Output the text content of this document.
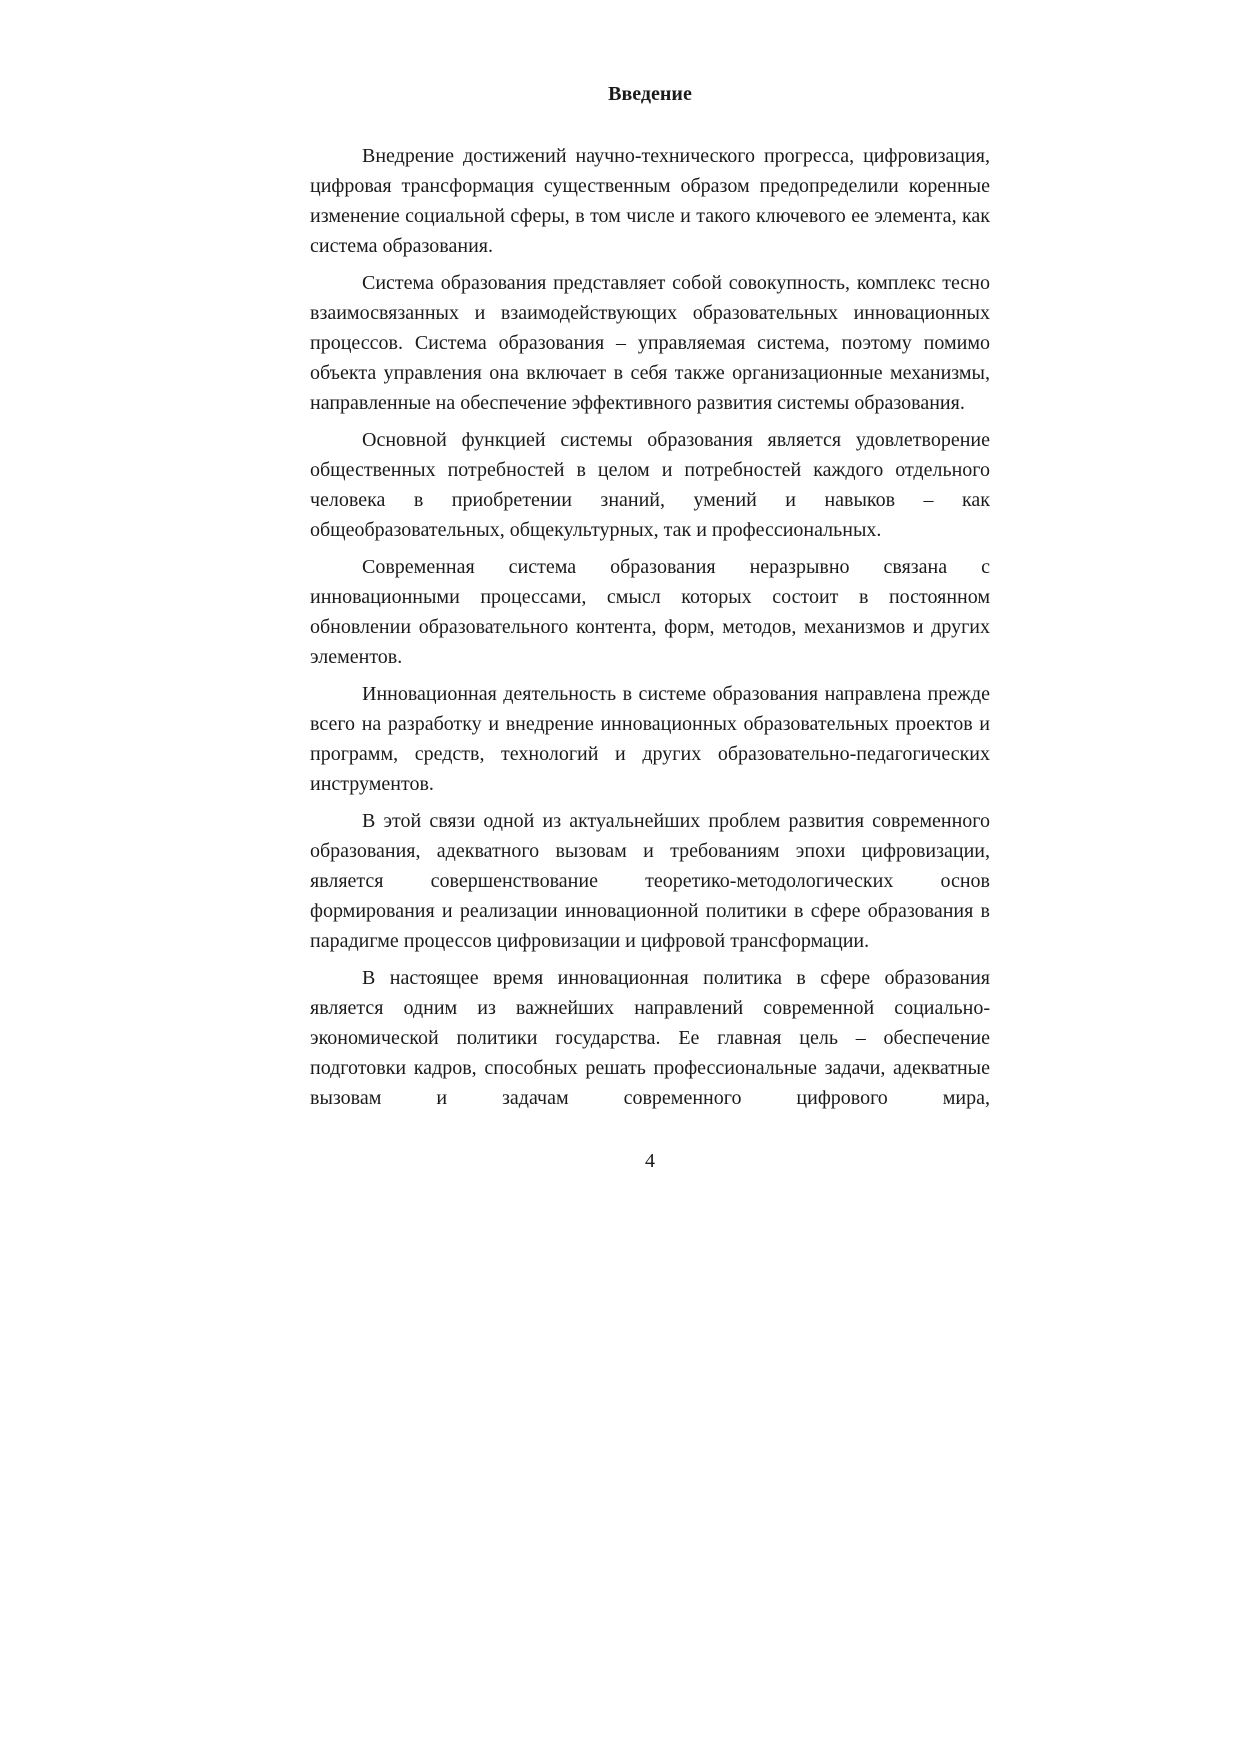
Введение

Внедрение достижений научно-технического прогресса, цифровизация, цифровая трансформация существенным образом предопределили коренные изменение социальной сферы, в том числе и такого ключевого ее элемента, как система образования.

Система образования представляет собой совокупность, комплекс тесно взаимосвязанных и взаимодействующих образовательных инновационных процессов. Система образования – управляемая система, поэтому помимо объекта управления она включает в себя также организационные механизмы, направленные на обеспечение эффективного развития системы образования.

Основной функцией системы образования является удовлетворение общественных потребностей в целом и потребностей каждого отдельного человека в приобретении знаний, умений и навыков – как общеобразовательных, общекультурных, так и профессиональных.

Современная система образования неразрывно связана с инновационными процессами, смысл которых состоит в постоянном обновлении образовательного контента, форм, методов, механизмов и других элементов.

Инновационная деятельность в системе образования направлена прежде всего на разработку и внедрение инновационных образовательных проектов и программ, средств, технологий и других образовательно-педагогических инструментов.

В этой связи одной из актуальнейших проблем развития современного образования, адекватного вызовам и требованиям эпохи цифровизации, является совершенствование теоретико-методологических основ формирования и реализации инновационной политики в сфере образования в парадигме процессов цифровизации и цифровой трансформации.

В настоящее время инновационная политика в сфере образования является одним из важнейших направлений современной социально-экономической политики государства. Ее главная цель – обеспечение подготовки кадров, способных решать профессиональные задачи, адекватные вызовам и задачам современного цифрового мира,

4
